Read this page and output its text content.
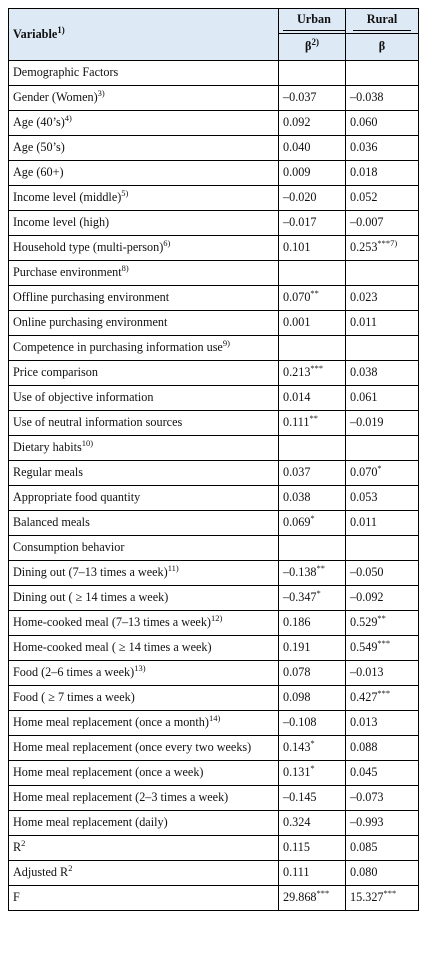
Variable$^{1)}$	Urban	Rural
	$\beta^{2)}$	β
Demographic Factors		
Gender (Women)$^{3)}$	–0.037	–0.038
Age (40’s)$^{4)}$	0.092	0.060
Age (50’s)	0.040	0.036
Age (60+)	0.009	0.018
Income level (middle)$^{5)}$	–0.020	0.052
Income level (high)	–0.017	–0.007
Household type (multi-person)$^{6)}$	0.101	0.253$^{***7)}$
Purchase environment$^{8)}$		
Offline purchasing environment	0.070**	0.023
Online purchasing environment	0.001	0.011
Competence in purchasing information use$^{9)}$		
Price comparison	0.213***	0.038
Use of objective information	0.014	0.061
Use of neutral information sources	0.111**	–0.019
Dietary habits$^{10)}$		
Regular meals	0.037	0.070*
Appropriate food quantity	0.038	0.053
Balanced meals	0.069*	0.011
Consumption behavior		
Dining out (7–13 times a week)$^{11)}$	–0.138**	–0.050
Dining out ( ≥ 14 times a week)	–0.347*	–0.092
Home-cooked meal (7–13 times a week)$^{12)}$	0.186	0.529**
Home-cooked meal ( ≥ 14 times a week)	0.191	0.549***
Food (2–6 times a week)$^{13)}$	0.078	–0.013
Food ( ≥ 7 times a week)	0.098	0.427***
Home meal replacement (once a month)$^{14)}$	–0.108	0.013
Home meal replacement (once every two weeks)	0.143*	0.088
Home meal replacement (once a week)	0.131*	0.045
Home meal replacement (2–3 times a week)	–0.145	–0.073
Home meal replacement (daily)	0.324	–0.993
$R^2$	0.115	0.085
Adjusted $R^2$	0.111	0.080
F	29.868***	15.327***
